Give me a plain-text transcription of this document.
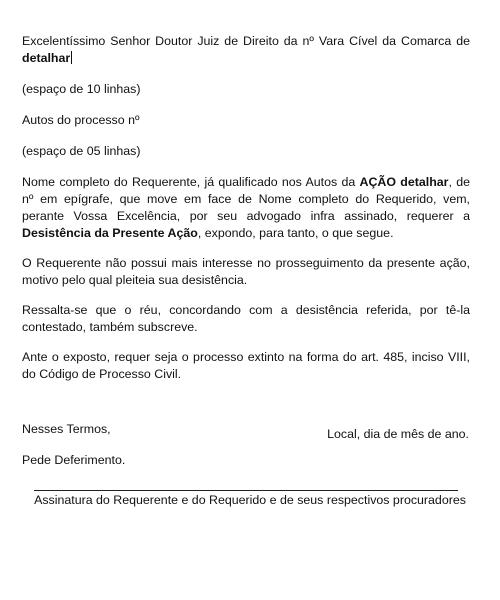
Excelentíssimo Senhor Doutor Juiz de Direito da nº Vara Cível da Comarca de detalhar

(espaço de 10 linhas)

Autos do processo nº

(espaço de 05 linhas)

Nome completo do Requerente, já qualificado nos Autos da AÇÃO detalhar, de nº em epígrafe, que move em face de Nome completo do Requerido, vem, perante Vossa Excelência, por seu advogado infra assinado, requerer a Desistência da Presente Ação, expondo, para tanto, o que segue.

O Requerente não possui mais interesse no prosseguimento da presente ação, motivo pelo qual pleiteia sua desistência.

Ressalta-se que o réu, concordando com a desistência referida, por tê-la contestado, também subscreve.

Ante o exposto, requer seja o processo extinto na forma do art. 485, inciso VIII, do Código de Processo Civil.

Nesses Termos,

Pede Deferimento.

Local, dia de mês de ano.

Assinatura do Requerente e do Requerido e de seus respectivos procuradores
